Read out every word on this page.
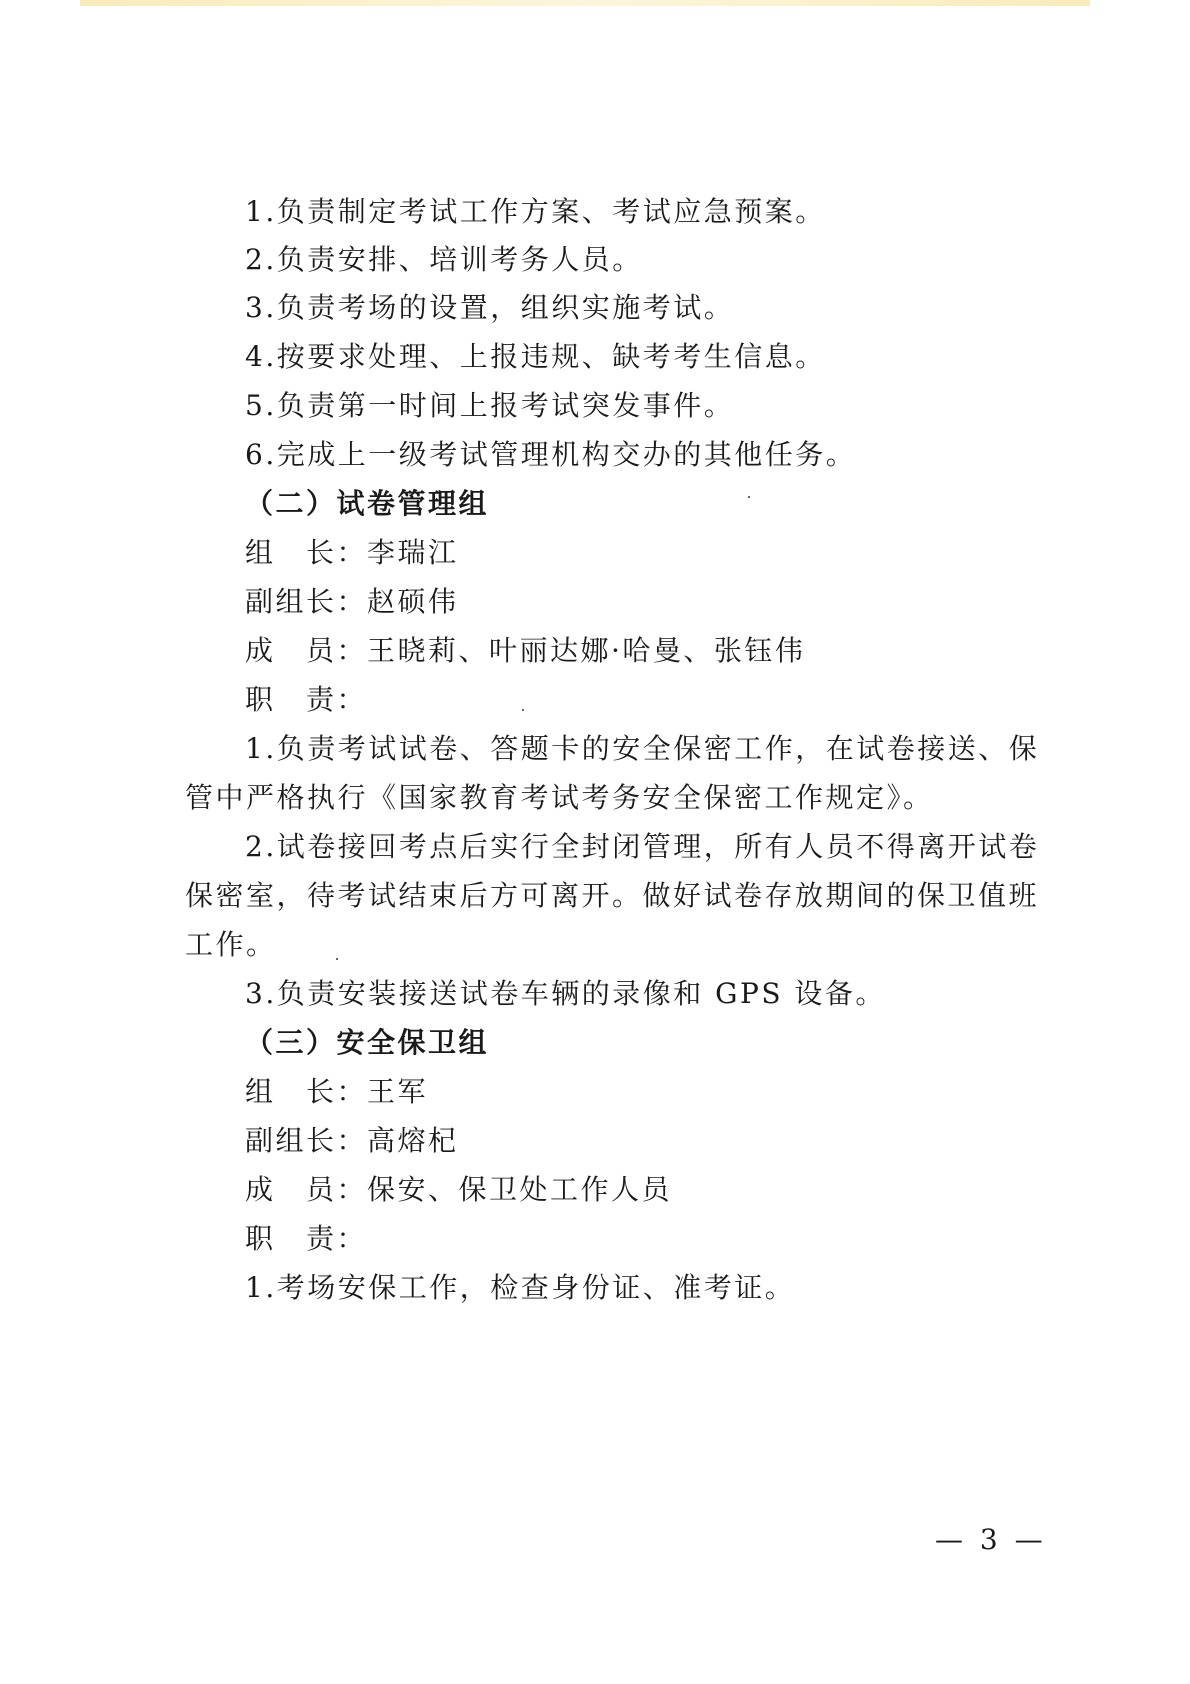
1.负责制定考试工作方案、考试应急预案。
2.负责安排、培训考务人员。
3.负责考场的设置，组织实施考试。
4.按要求处理、上报违规、缺考考生信息。
5.负责第一时间上报考试突发事件。
6.完成上一级考试管理机构交办的其他任务。
（二）试卷管理组
组　长：李瑞江
副组长：赵硕伟
成　员：王晓莉、叶丽达娜·哈曼、张钰伟
职　责：
1.负责考试试卷、答题卡的安全保密工作，在试卷接送、保
管中严格执行《国家教育考试考务安全保密工作规定》。
2.试卷接回考点后实行全封闭管理，所有人员不得离开试卷
保密室，待考试结束后方可离开。做好试卷存放期间的保卫值班
工作。
3.负责安装接送试卷车辆的录像和 GPS 设备。
（三）安全保卫组
组　长：王军
副组长：高熔杞
成　员：保安、保卫处工作人员
职　责：
1.考场安保工作，检查身份证、准考证。
— 3 —
